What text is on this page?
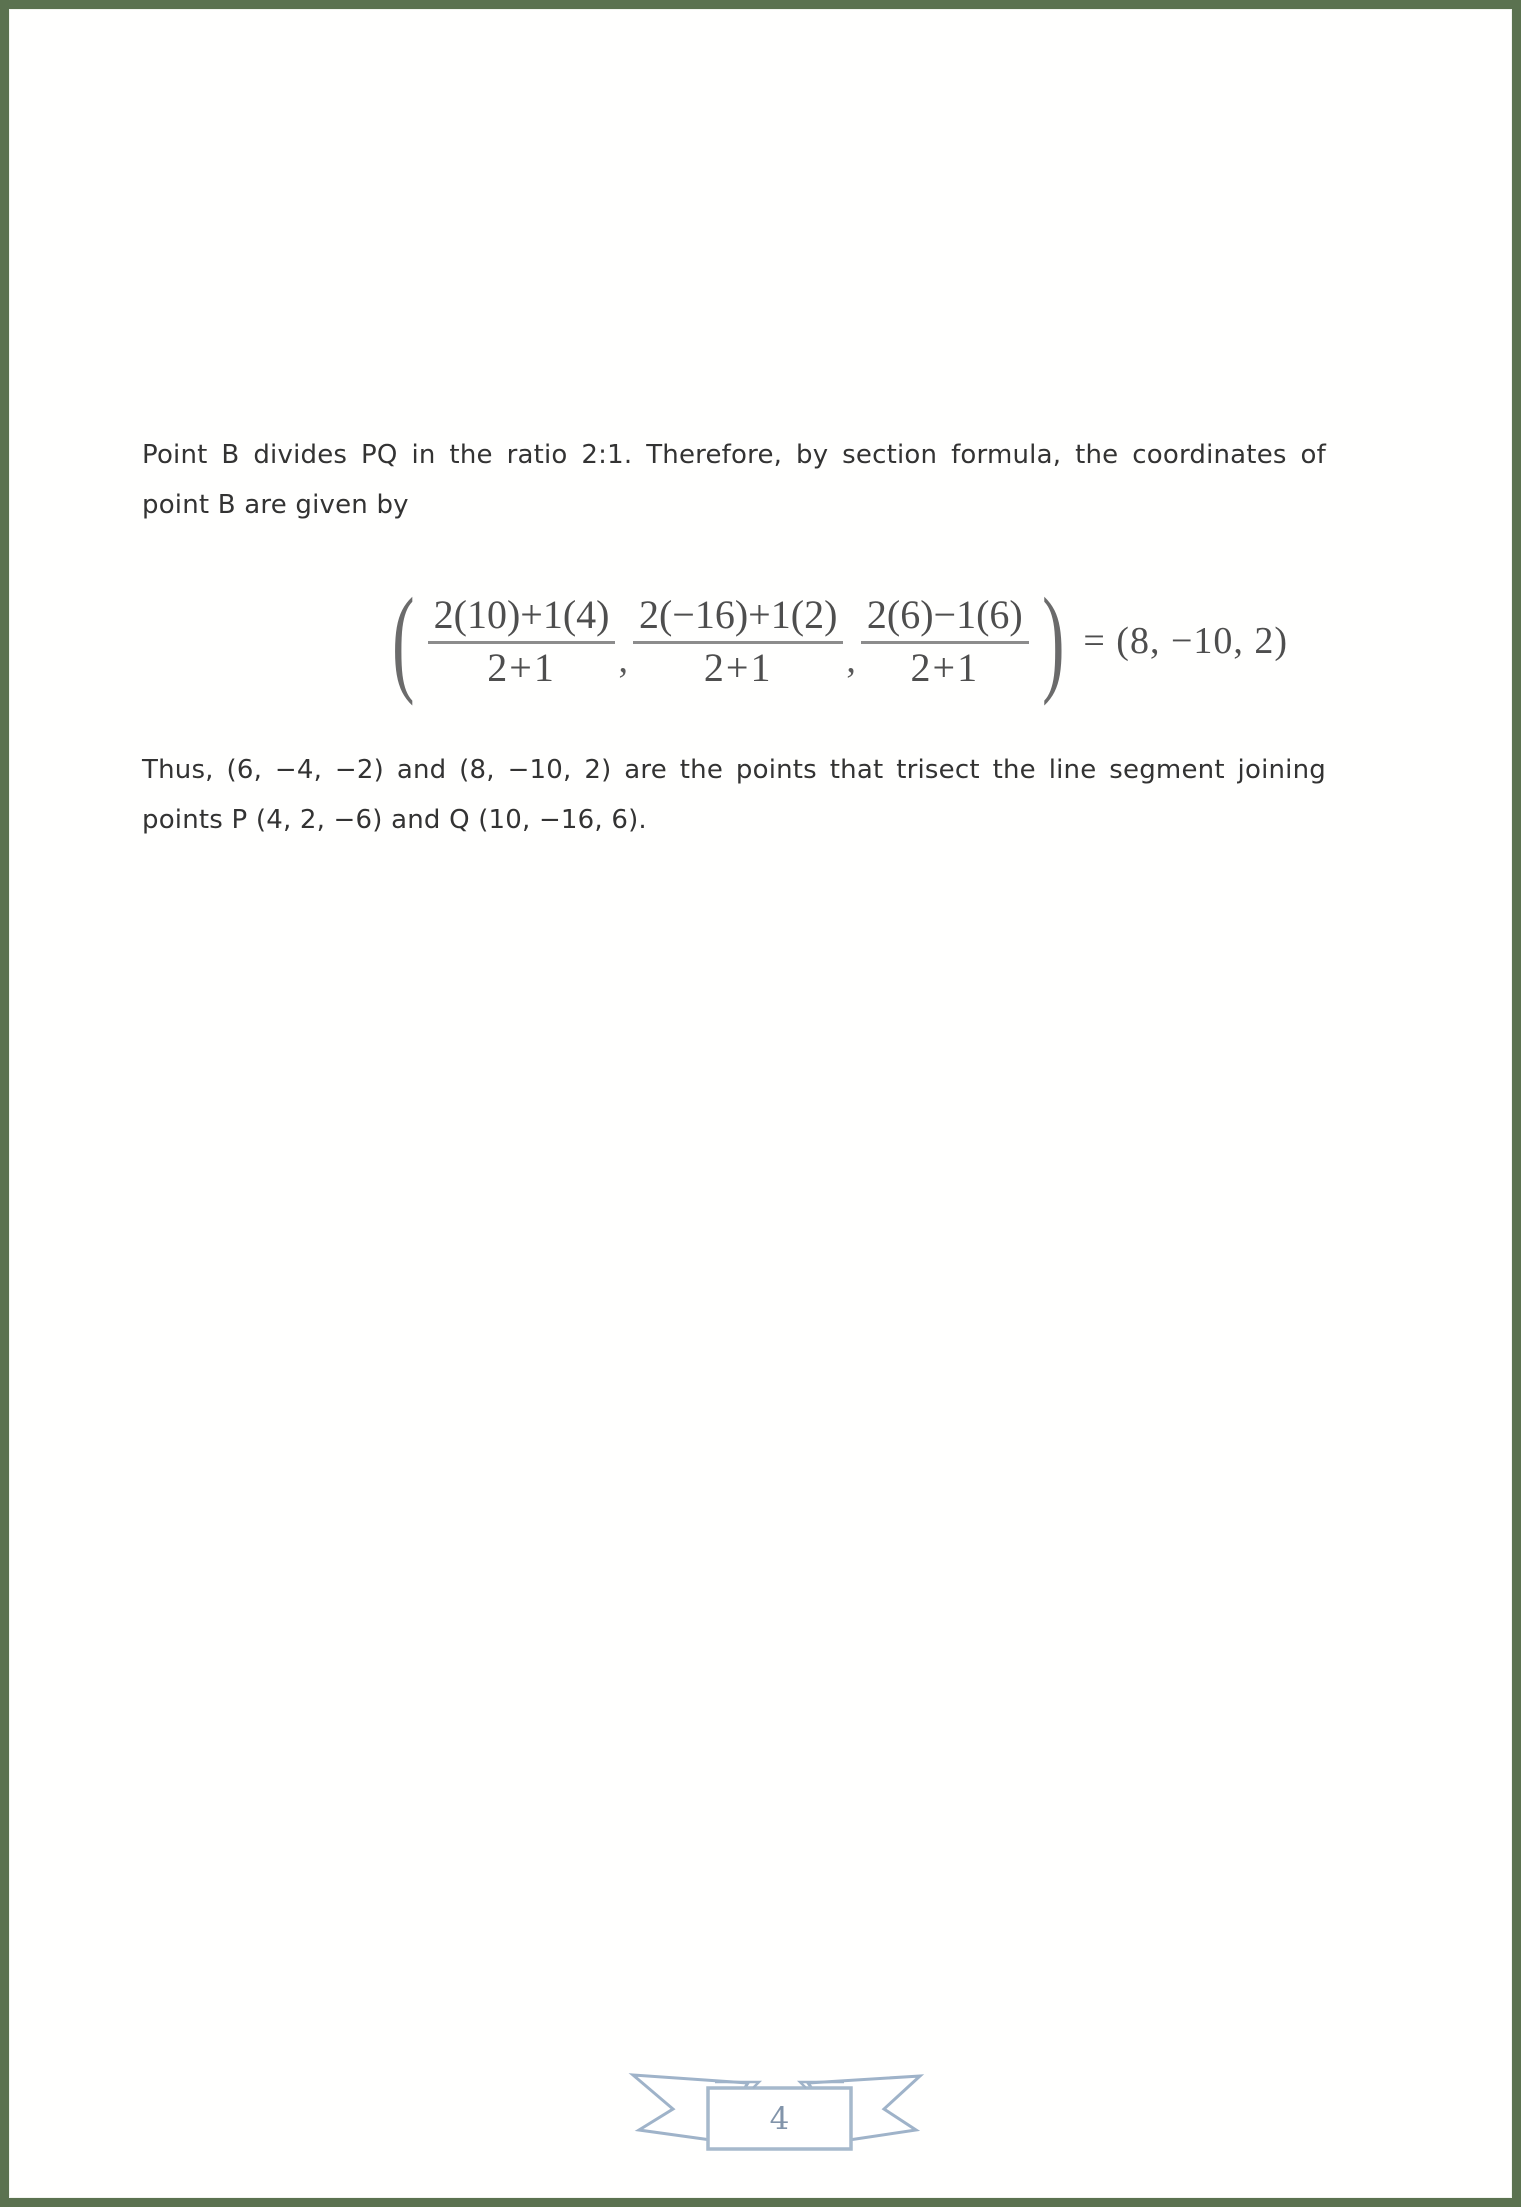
Point B divides PQ in the ratio 2:1. Therefore, by section formula, the coordinates of
point B are given by
( $\frac{2(10)+1(4)}{2+1}$ , $\frac{2(-16)+1(2)}{2+1}$ , $\frac{2(6)-1(6)}{2+1}$ ) = (8, −10, 2)
Thus, (6, −4, −2) and (8, −10, 2) are the points that trisect the line segment joining
points P (4, 2, −6) and Q (10, −16, 6).
4
